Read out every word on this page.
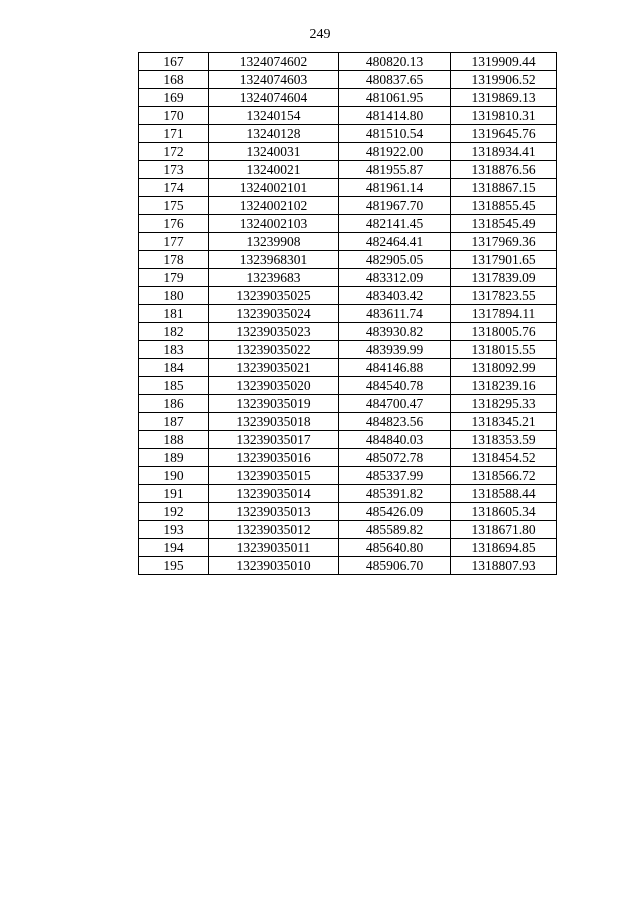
249
167	1324074602	480820.13	1319909.44
168	1324074603	480837.65	1319906.52
169	1324074604	481061.95	1319869.13
170	13240154	481414.80	1319810.31
171	13240128	481510.54	1319645.76
172	13240031	481922.00	1318934.41
173	13240021	481955.87	1318876.56
174	1324002101	481961.14	1318867.15
175	1324002102	481967.70	1318855.45
176	1324002103	482141.45	1318545.49
177	13239908	482464.41	1317969.36
178	1323968301	482905.05	1317901.65
179	13239683	483312.09	1317839.09
180	13239035025	483403.42	1317823.55
181	13239035024	483611.74	1317894.11
182	13239035023	483930.82	1318005.76
183	13239035022	483939.99	1318015.55
184	13239035021	484146.88	1318092.99
185	13239035020	484540.78	1318239.16
186	13239035019	484700.47	1318295.33
187	13239035018	484823.56	1318345.21
188	13239035017	484840.03	1318353.59
189	13239035016	485072.78	1318454.52
190	13239035015	485337.99	1318566.72
191	13239035014	485391.82	1318588.44
192	13239035013	485426.09	1318605.34
193	13239035012	485589.82	1318671.80
194	13239035011	485640.80	1318694.85
195	13239035010	485906.70	1318807.93
